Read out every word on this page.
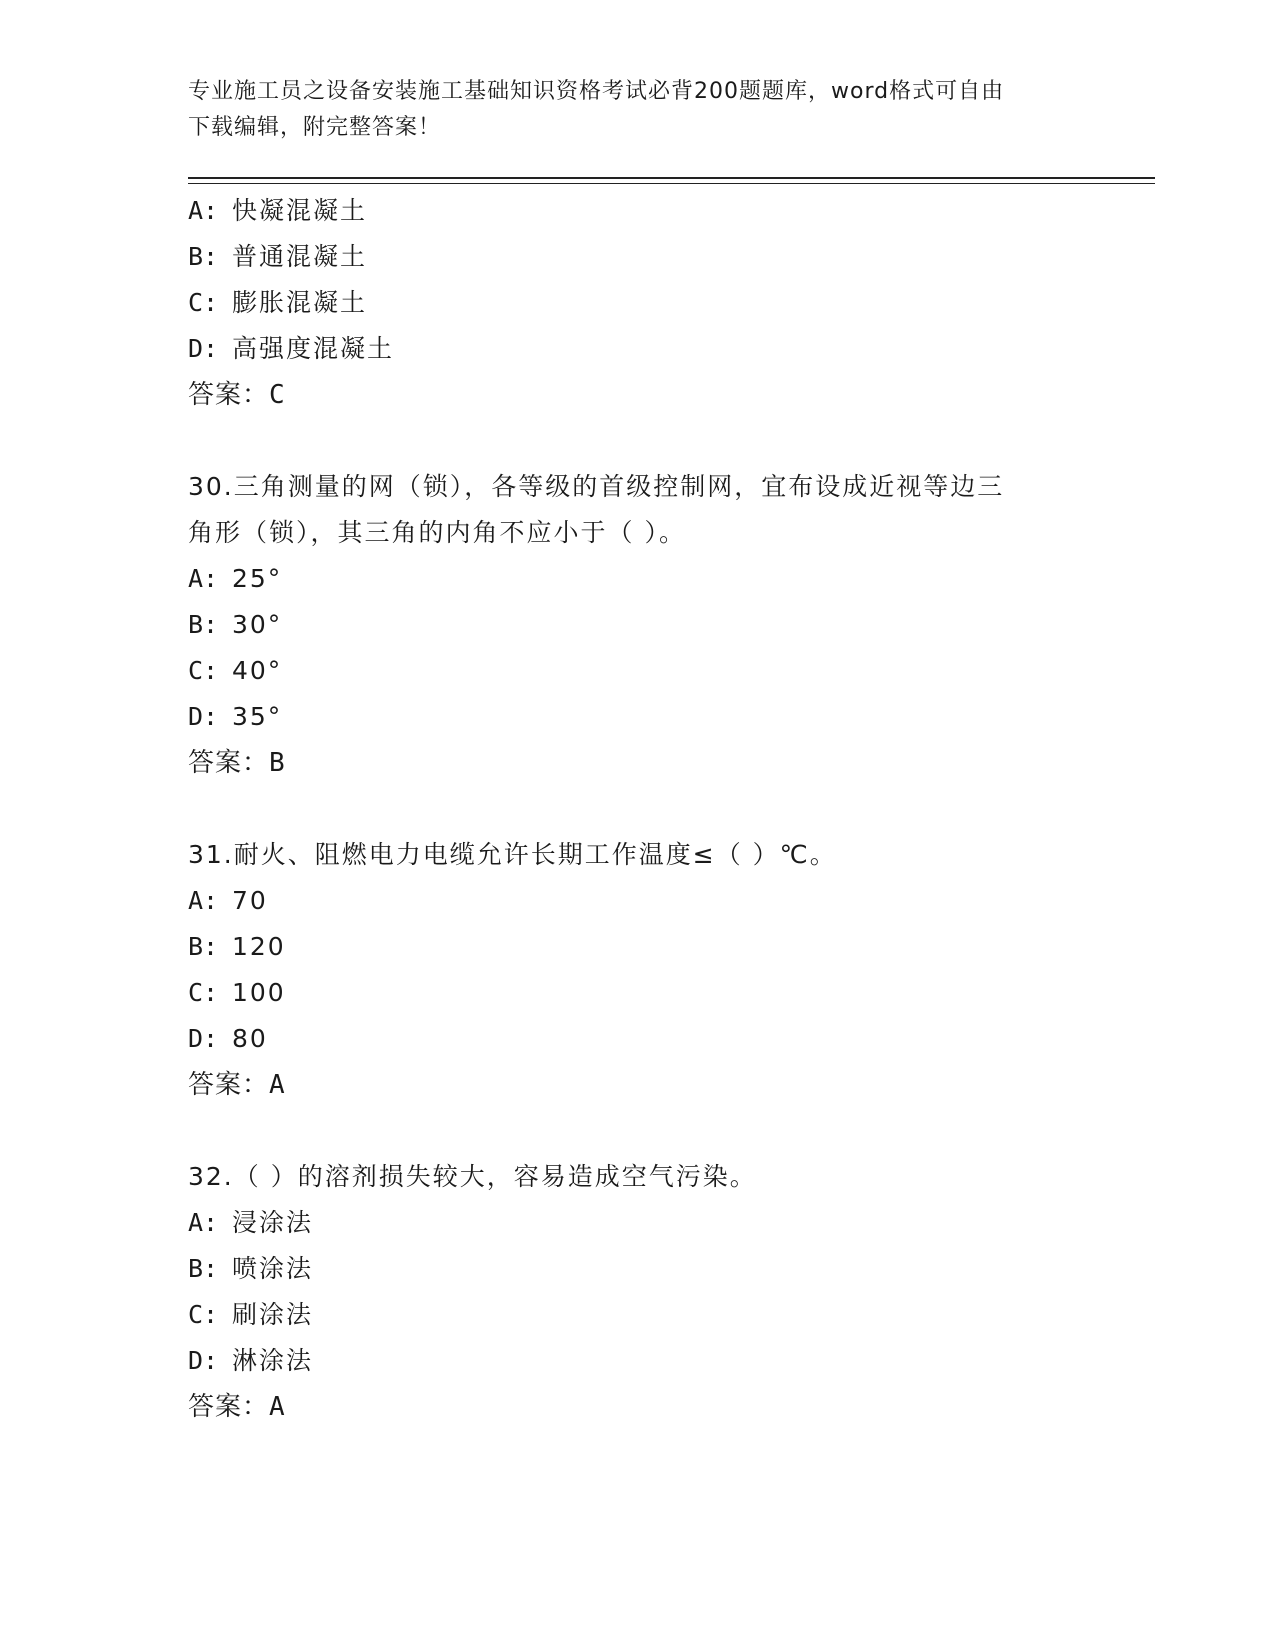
专业施工员之设备安装施工基础知识资格考试必背200题题库，word格式可自由
下载编辑，附完整答案！
A: 快凝混凝土
B: 普通混凝土
C: 膨胀混凝土
D: 高强度混凝土
答案：C
30.三角测量的网（锁），各等级的首级控制网，宜布设成近视等边三
角形（锁），其三角的内角不应小于（ ）。
A: 25°
B: 30°
C: 40°
D: 35°
答案：B
31.耐火、阻燃电力电缆允许长期工作温度≤（ ）℃。
A: 70
B: 120
C: 100
D: 80
答案：A
32.（ ）的溶剂损失较大，容易造成空气污染。
A: 浸涂法
B: 喷涂法
C: 刷涂法
D: 淋涂法
答案：A
